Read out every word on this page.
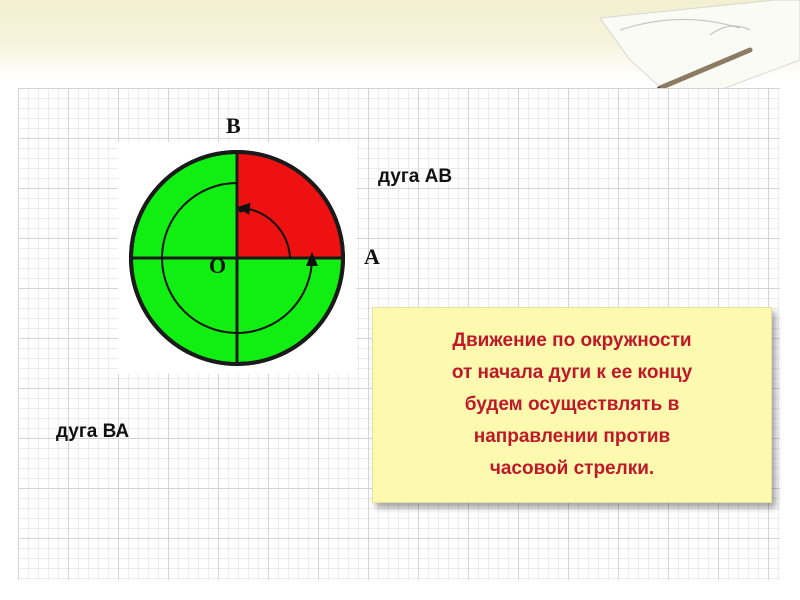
B
A
O
дуга АВ
дуга ВА
Движение по окружности
от начала дуги к ее концу
будем осуществлять в
направлении против
часовой стрелки.
